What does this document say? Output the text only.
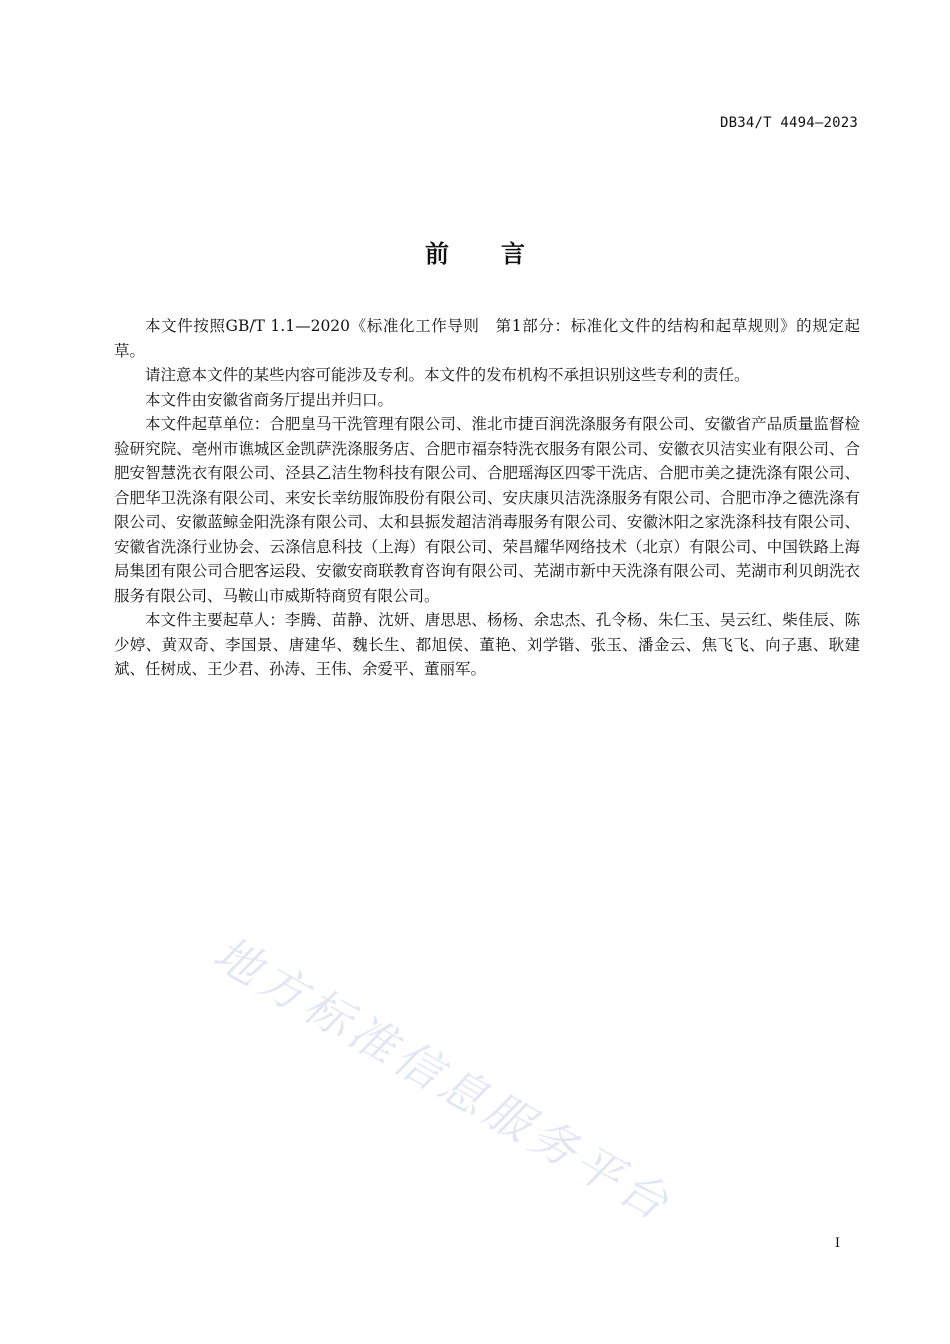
DB34/T 4494—2023
前 言

本文件按照GB/T 1.1—2020《标准化工作导则　第1部分：标准化文件的结构和起草规则》的规定起草。

请注意本文件的某些内容可能涉及专利。本文件的发布机构不承担识别这些专利的责任。

本文件由安徽省商务厅提出并归口。

本文件起草单位：合肥皇马干洗管理有限公司、淮北市捷百润洗涤服务有限公司、安徽省产品质量监督检验研究院、亳州市谯城区金凯萨洗涤服务店、合肥市福奈特洗衣服务有限公司、安徽衣贝洁实业有限公司、合肥安智慧洗衣有限公司、泾县乙洁生物科技有限公司、合肥瑶海区四零干洗店、合肥市美之捷洗涤有限公司、合肥华卫洗涤有限公司、来安长幸纺服饰股份有限公司、安庆康贝洁洗涤服务有限公司、合肥市净之德洗涤有限公司、安徽蓝鲸金阳洗涤有限公司、太和县振发超洁消毒服务有限公司、安徽沐阳之家洗涤科技有限公司、安徽省洗涤行业协会、云涤信息科技（上海）有限公司、荣昌耀华网络技术（北京）有限公司、中国铁路上海局集团有限公司合肥客运段、安徽安商联教育咨询有限公司、芜湖市新中天洗涤有限公司、芜湖市利贝朗洗衣服务有限公司、马鞍山市威斯特商贸有限公司。

本文件主要起草人：李腾、苗静、沈妍、唐思思、杨杨、余忠杰、孔令杨、朱仁玉、吴云红、柴佳辰、陈少婷、黄双奇、李国景、唐建华、魏长生、都旭侯、董艳、刘学锴、张玉、潘金云、焦飞飞、向子惠、耿建斌、任树成、王少君、孙涛、王伟、余爱平、董丽军。

地方标准信息服务平台
I
